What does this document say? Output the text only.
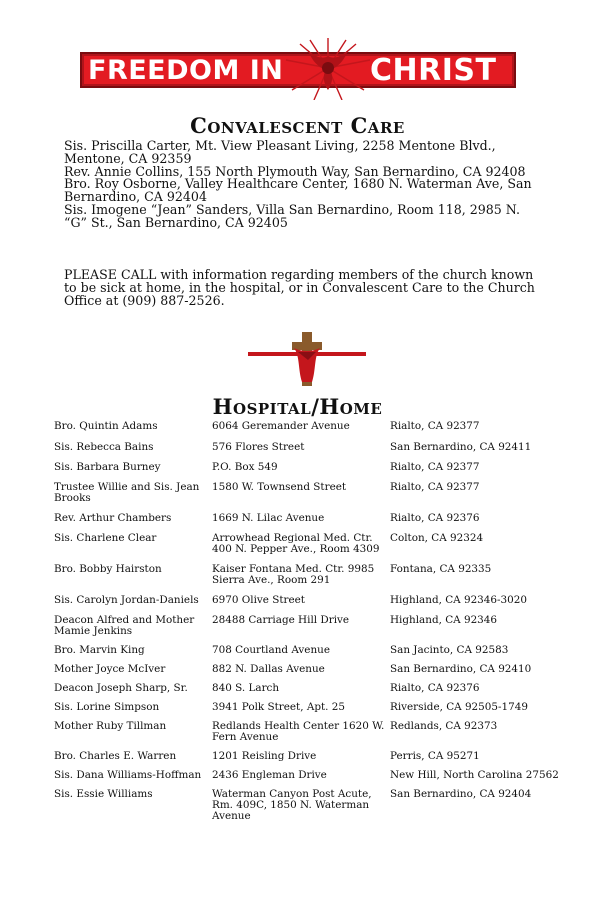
FREEDOM IN	CHRIST
Convalescent Care

Sis. Priscilla Carter, Mt. View Pleasant Living, 2258 Mentone Blvd., Mentone, CA 92359

Rev. Annie Collins, 155 North Plymouth Way, San Bernardino, CA 92408

Bro. Roy Osborne, Valley Healthcare Center, 1680 N. Waterman Ave, San Bernardino, CA 92404

Sis. Imogene “Jean” Sanders, Villa San Bernardino, Room 118, 2985 N. “G” St., San Bernardino, CA 92405

PLEASE CALL with information regarding members of the church known to be sick at home, in the hospital, or in Convalescent Care to the Church Office at (909) 887-2526.
Hospital/Home
Bro. Quintin Adams	6064 Geremander Avenue	Rialto, CA 92377
Sis. Rebecca Bains	576 Flores Street	San Bernardino, CA 92411
Sis. Barbara Burney	P.O. Box 549	Rialto, CA 92377
Trustee Willie and Sis. Jean Brooks	1580 W. Townsend Street	Rialto, CA 92377
Rev. Arthur Chambers	1669 N. Lilac Avenue	Rialto, CA 92376
Sis. Charlene Clear	Arrowhead Regional Med. Ctr. 400 N. Pepper Ave., Room 4309	Colton, CA 92324
Bro. Bobby Hairston	Kaiser Fontana Med. Ctr. 9985 Sierra Ave., Room 291	Fontana, CA 92335
Sis. Carolyn Jordan-Daniels	6970 Olive Street	Highland, CA 92346-3020
Deacon Alfred and Mother Mamie Jenkins	28488 Carriage Hill Drive	Highland, CA 92346
Bro. Marvin King	708 Courtland Avenue	San Jacinto, CA 92583
Mother Joyce McIver	882 N. Dallas Avenue	San Bernardino, CA 92410
Deacon Joseph Sharp, Sr.	840 S. Larch	Rialto, CA 92376
Sis. Lorine Simpson	3941 Polk Street, Apt. 25	Riverside, CA 92505-1749
Mother Ruby Tillman	Redlands Health Center 1620 W. Fern Avenue	Redlands, CA 92373
Bro. Charles E. Warren	1201 Reisling Drive	Perris, CA 95271
Sis. Dana Williams-Hoffman	2436 Engleman Drive	New Hill, North Carolina 27562
Sis. Essie Williams	Waterman Canyon Post Acute, Rm. 409C, 1850 N. Waterman Avenue	San Bernardino, CA 92404
